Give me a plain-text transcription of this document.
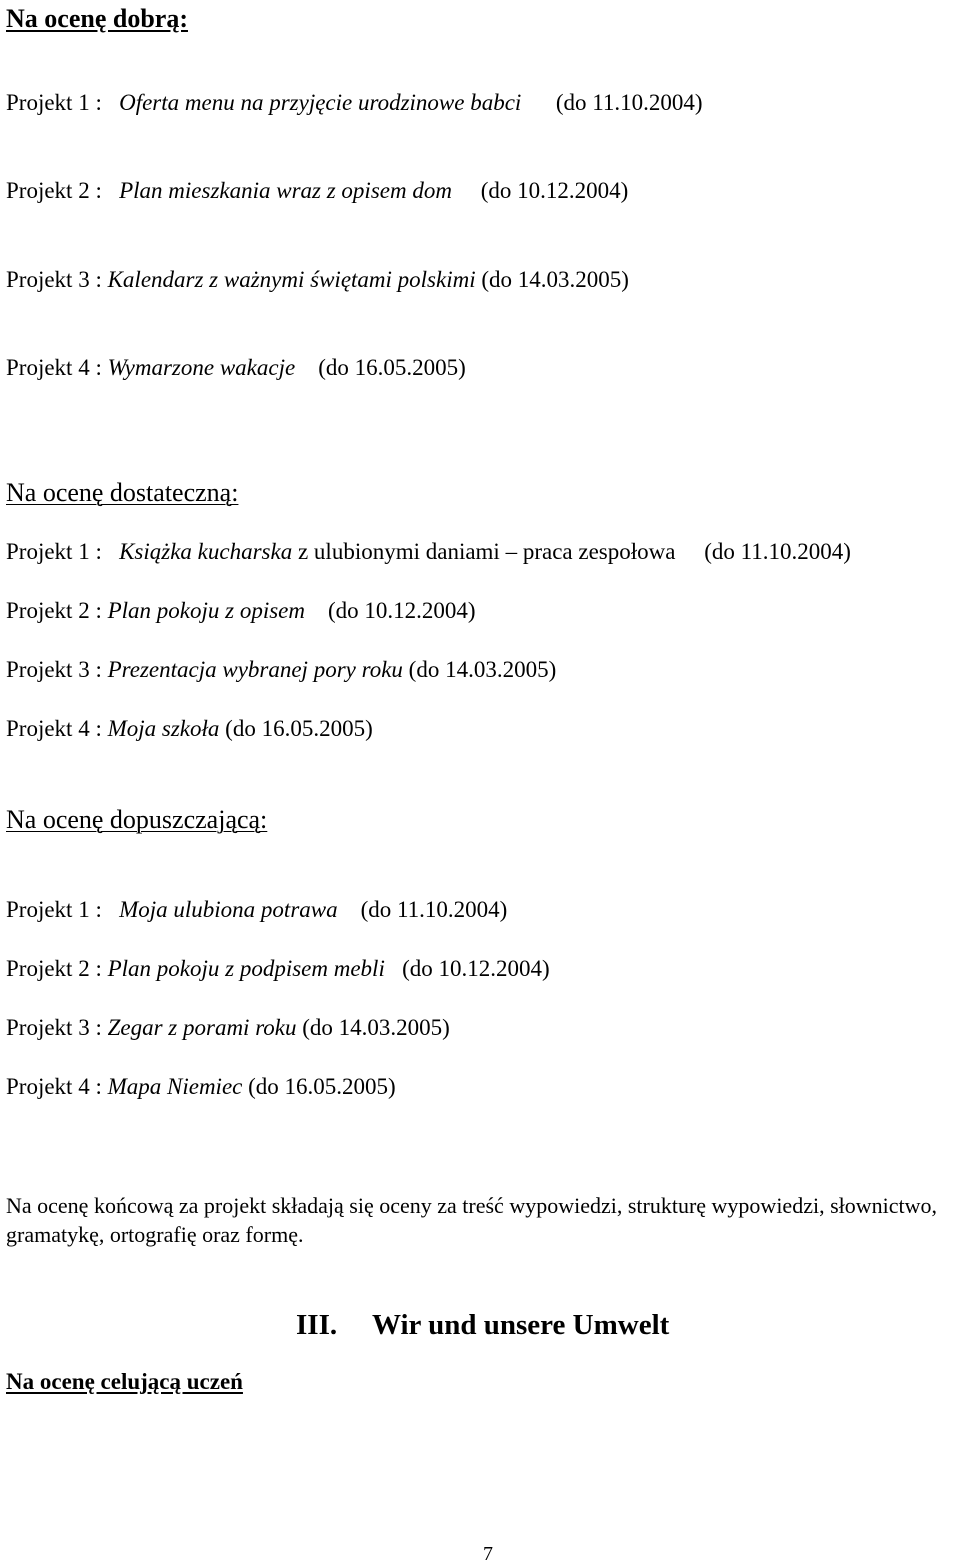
Na ocenę dobrą:
Projekt 1 : Oferta menu na przyjęcie urodzinowe babci (do 11.10.2004)
Projekt 2 : Plan mieszkania wraz z opisem dom (do 10.12.2004)
Projekt 3 : Kalendarz z ważnymi świętami polskimi (do 14.03.2005)
Projekt 4 : Wymarzone wakacje (do 16.05.2005)
Na ocenę dostateczną:
Projekt 1 : Książka kucharska z ulubionymi daniami – praca zespołowa (do 11.10.2004)
Projekt 2 : Plan pokoju z opisem (do 10.12.2004)
Projekt 3 : Prezentacja wybranej pory roku (do 14.03.2005)
Projekt 4 : Moja szkoła (do 16.05.2005)
Na ocenę dopuszczającą:
Projekt 1 : Moja ulubiona potrawa (do 11.10.2004)
Projekt 2 : Plan pokoju z podpisem mebli (do 10.12.2004)
Projekt 3 : Zegar z porami roku (do 14.03.2005)
Projekt 4 : Mapa Niemiec (do 16.05.2005)
Na ocenę końcową za projekt składają się oceny za treść wypowiedzi, strukturę wypowiedzi, słownictwo, gramatykę, ortografię oraz formę.
III. Wir und unsere Umwelt
Na ocenę celującą uczeń
7
